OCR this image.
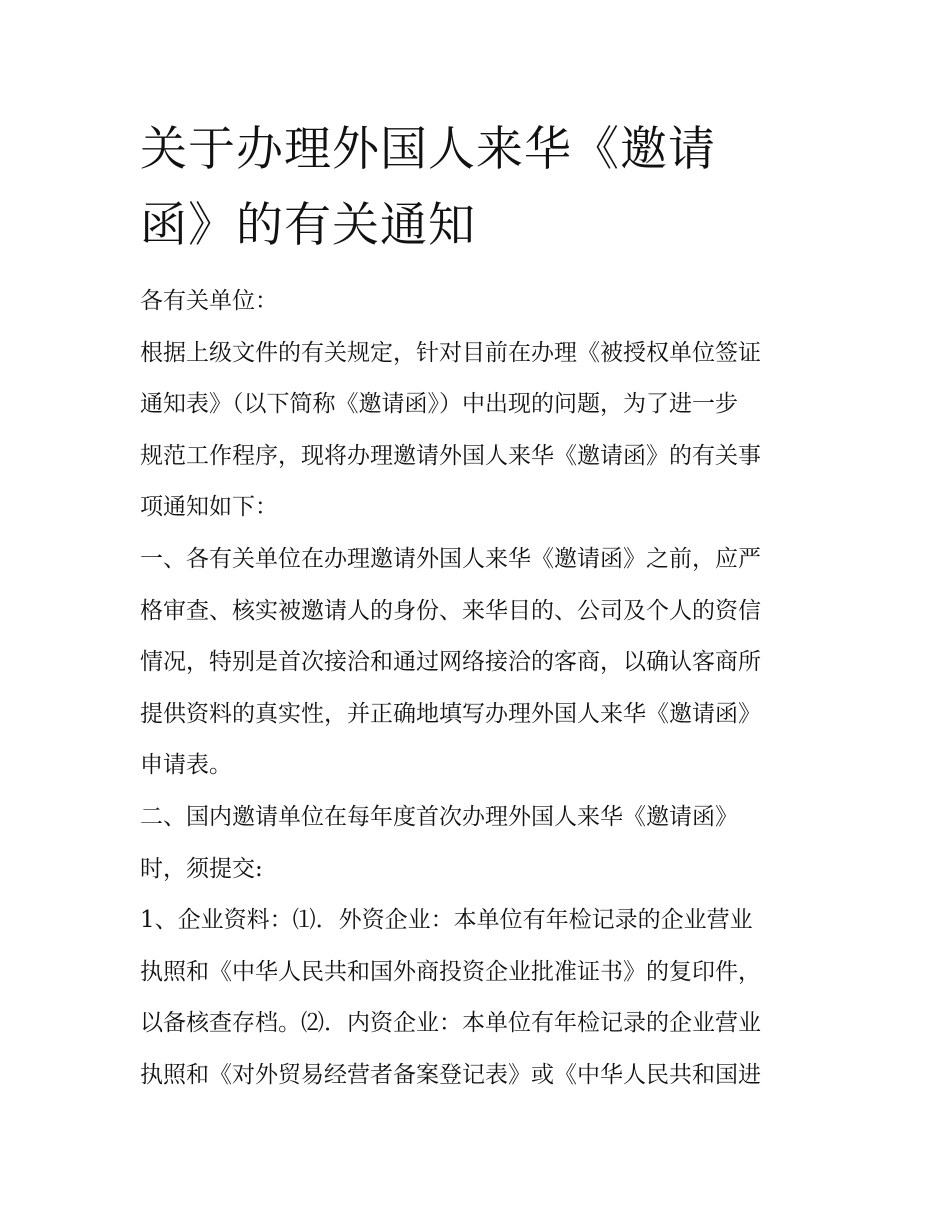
关于办理外国人来华《邀请
函》的有关通知
各有关单位：
根据上级文件的有关规定，针对目前在办理《被授权单位签证
通知表》（以下简称《邀请函》）中出现的问题，为了进一步
规范工作程序，现将办理邀请外国人来华《邀请函》的有关事
项通知如下：
一、各有关单位在办理邀请外国人来华《邀请函》之前，应严
格审查、核实被邀请人的身份、来华目的、公司及个人的资信
情况，特别是首次接洽和通过网络接洽的客商，以确认客商所
提供资料的真实性，并正确地填写办理外国人来华《邀请函》
申请表。
二、国内邀请单位在每年度首次办理外国人来华《邀请函》
时，须提交:
1、企业资料：⑴．外资企业：本单位有年检记录的企业营业
执照和《中华人民共和国外商投资企业批准证书》的复印件，
以备核查存档。⑵．内资企业：本单位有年检记录的企业营业
执照和《对外贸易经营者备案登记表》或《中华人民共和国进
